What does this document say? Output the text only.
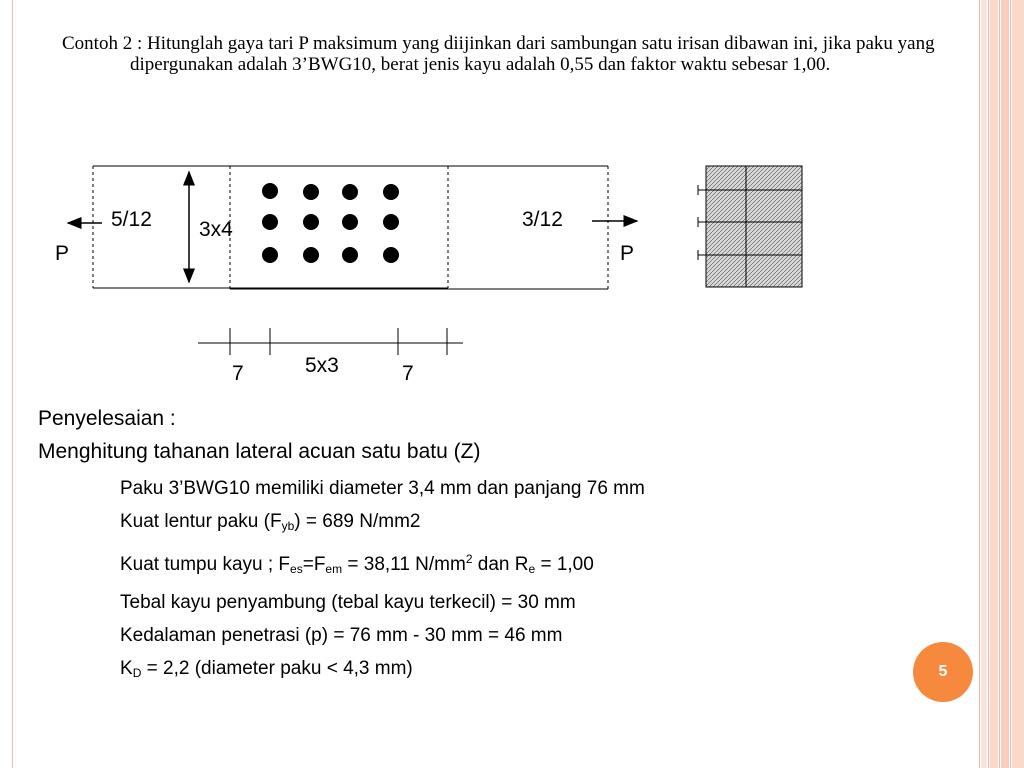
Contoh 2 : Hitunglah gaya tari P maksimum yang diijinkan dari sambungan satu irisan dibawan ini, jika paku yang dipergunakan adalah 3’BWG10, berat jenis kayu adalah 0,55 dan faktor waktu sebesar 1,00.

5/12	3/12
3x4
P	P
7	5x3	7

Penyelesaian :

Menghitung tahanan lateral acuan satu batu (Z)

Paku 3’BWG10 memiliki diameter 3,4 mm dan panjang 76 mm
Kuat lentur paku $(F_{yb}) = 689$ N/mm2
Kuat tumpu kayu ; $F_{es}=F_{em} = 38,11$ $N/mm^2$ dan $R_e = 1,00$
Tebal kayu penyambung (tebal kayu terkecil) = 30 mm
Kedalaman penetrasi (p) = 76 mm - 30 mm = 46 mm
$K_D = 2,2$ (diameter paku < 4,3 mm)	5
